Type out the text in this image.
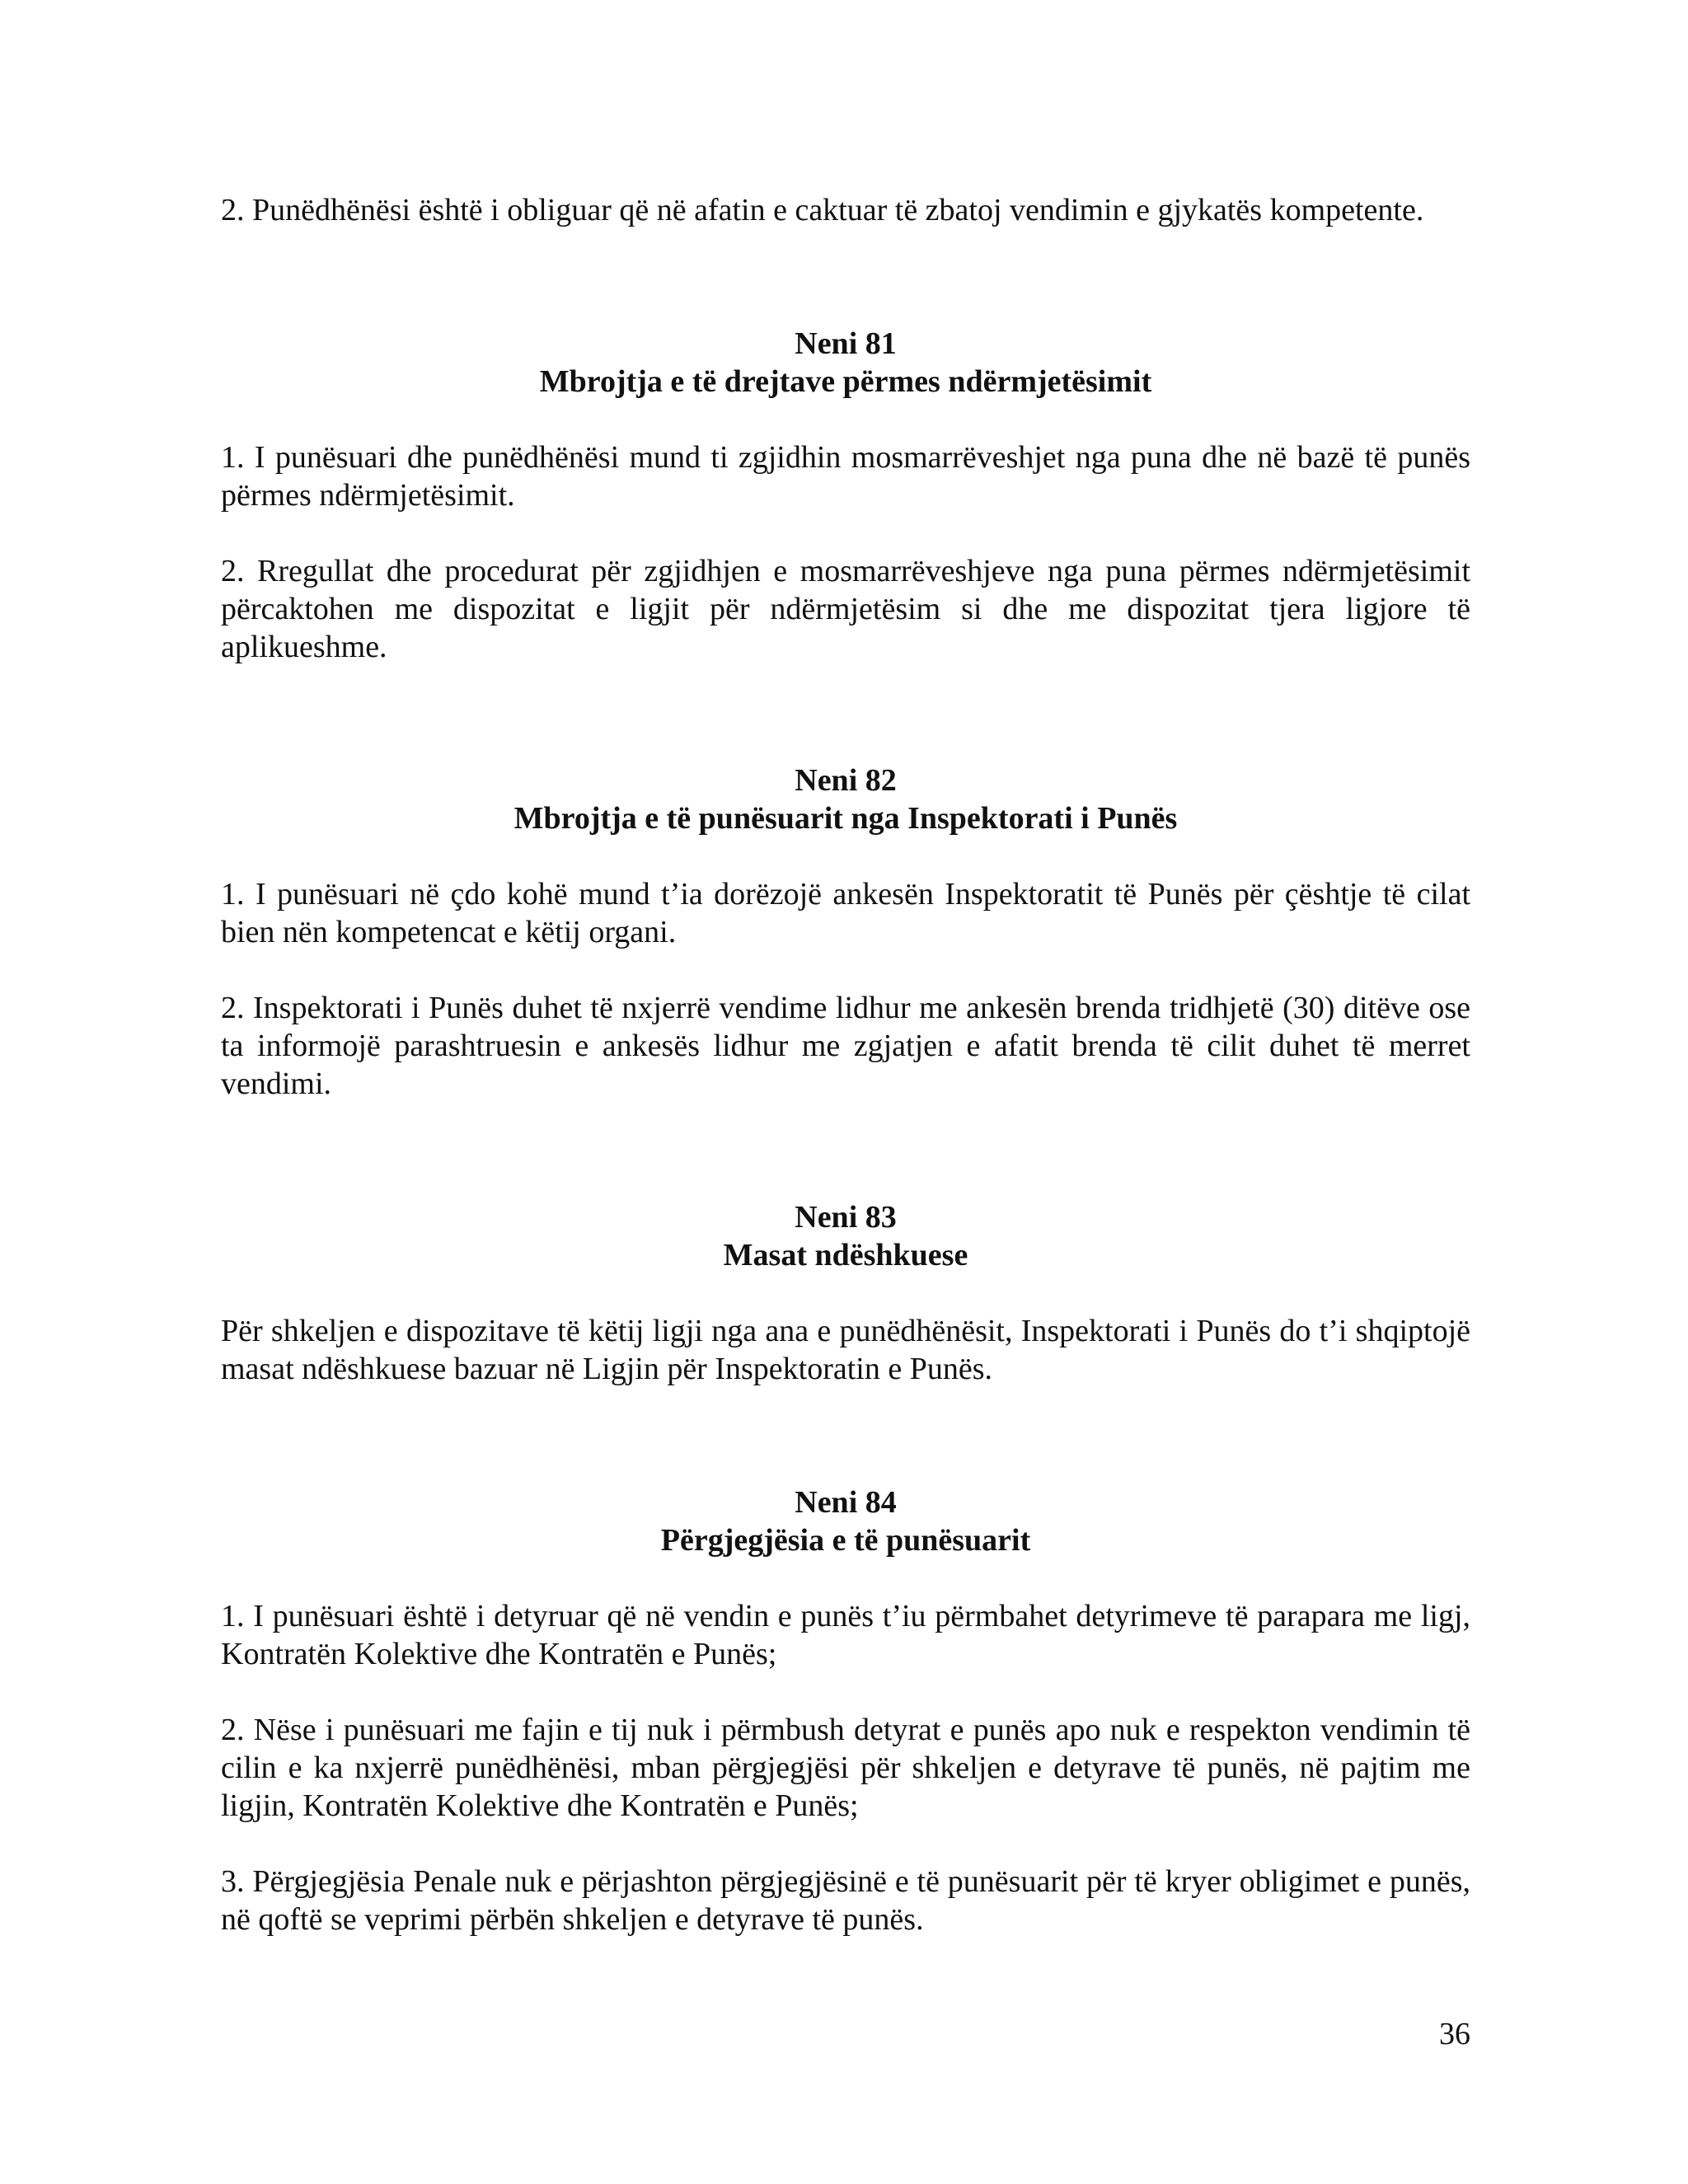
2. Punëdhënësi është i obliguar që në afatin e caktuar të zbatoj vendimin e gjykatës kompetente.

Neni 81

Mbrojtja e të drejtave përmes ndërmjetësimit

1. I punësuari dhe punëdhënësi mund ti zgjidhin mosmarrëveshjet nga puna dhe në bazë të punës përmes ndërmjetësimit.

2. Rregullat dhe procedurat për zgjidhjen e mosmarrëveshjeve nga puna përmes ndërmjetësimit përcaktohen me dispozitat e ligjit për ndërmjetësim si dhe me dispozitat tjera ligjore të aplikueshme.

Neni 82

Mbrojtja e të punësuarit nga Inspektorati i Punës

1. I punësuari në çdo kohë mund t’ia dorëzojë ankesën Inspektoratit të Punës për çështje të cilat bien nën kompetencat e këtij organi.

2. Inspektorati i Punës duhet të nxjerrë vendime lidhur me ankesën brenda tridhjetë (30) ditëve ose ta informojë parashtruesin e ankesës lidhur me zgjatjen e afatit brenda të cilit duhet të merret vendimi.

Neni 83

Masat ndëshkuese

Për shkeljen e dispozitave të këtij ligji nga ana e punëdhënësit, Inspektorati i Punës do t’i shqiptojë masat ndëshkuese bazuar në Ligjin për Inspektoratin e Punës.

Neni 84

Përgjegjësia e të punësuarit

1. I punësuari është i detyruar që në vendin e punës t’iu përmbahet detyrimeve të parapara me ligj, Kontratën Kolektive dhe Kontratën e Punës;

2. Nëse i punësuari me fajin e tij nuk i përmbush detyrat e punës apo nuk e respekton vendimin të cilin e ka nxjerrë punëdhënësi, mban përgjegjësi për shkeljen e detyrave të punës, në pajtim me ligjin, Kontratën Kolektive dhe Kontratën e Punës;

3. Përgjegjësia Penale nuk e përjashton përgjegjësinë e të punësuarit për të kryer obligimet e punës, në qoftë se veprimi përbën shkeljen e detyrave të punës.

36
